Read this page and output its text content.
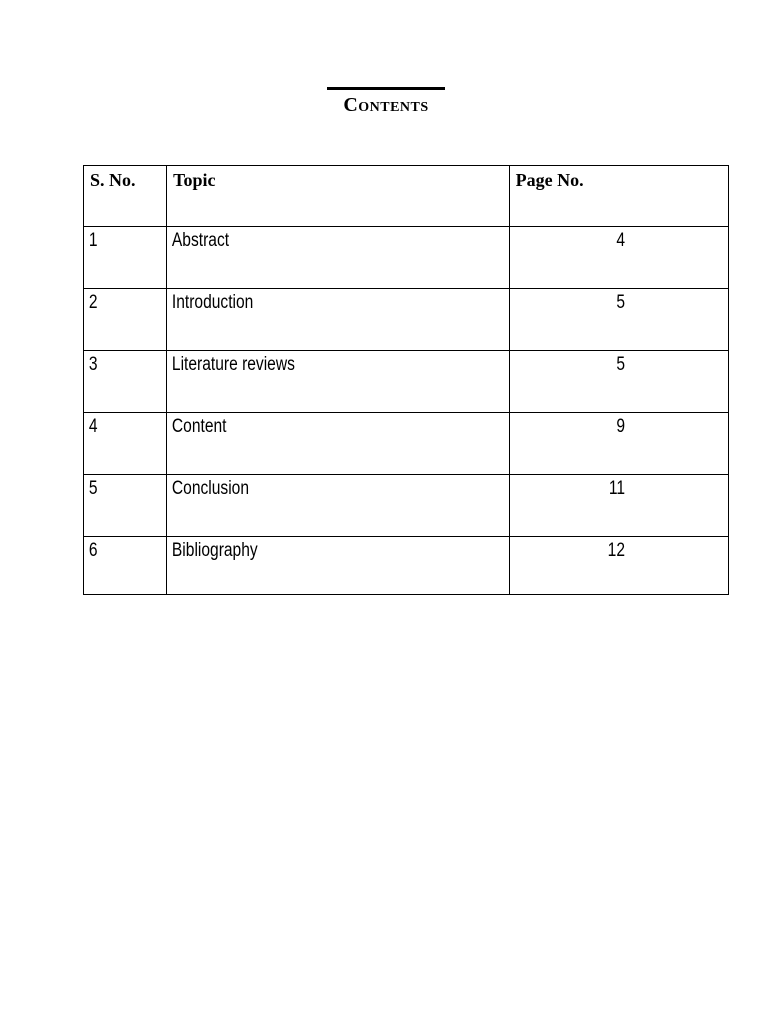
Contents
S. No.	Topic	Page No.

1	Abstract	4

2	Introduction	5

3	Literature reviews	5

4	Content	9

5	Conclusion	11

6	Bibliography	12
